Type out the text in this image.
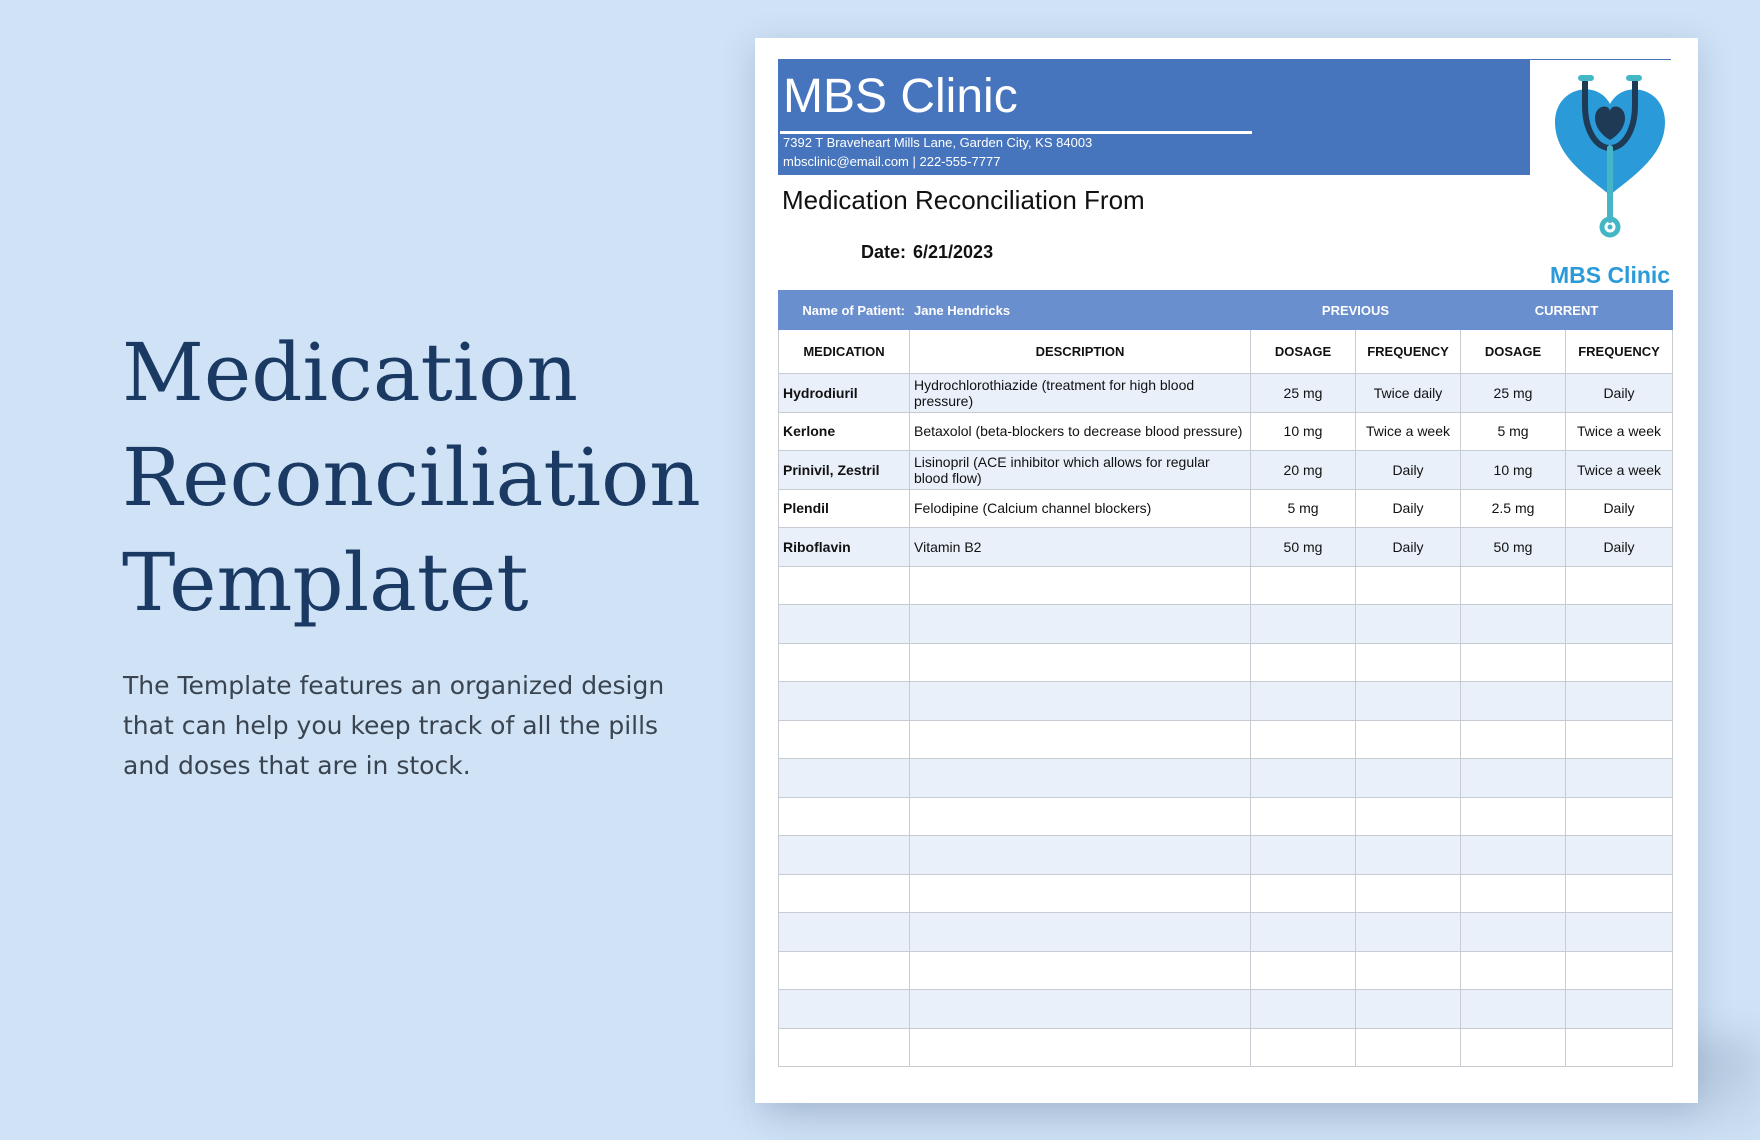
Medication
Reconciliation
Templatet

The Template features an organized design that can help you keep track of all the pills and doses that are in stock.

MBS Clinic
7392 T Braveheart Mills Lane, Garden City, KS 84003
mbsclinic@email.com | 222-555-7777
MBS Clinic
Medication Reconciliation From
Date: 6/21/2023
Name of Patient:	Jane Hendricks	PREVIOUS		CURRENT	
MEDICATION	DESCRIPTION	DOSAGE	FREQUENCY	DOSAGE	FREQUENCY
Hydrodiuril	Hydrochlorothiazide (treatment for high blood pressure)	25 mg	Twice daily	25 mg	Daily
Kerlone	Betaxolol (beta-blockers to decrease blood pressure)	10 mg	Twice a week	5 mg	Twice a week
Prinivil, Zestril	Lisinopril (ACE inhibitor which allows for regular blood flow)	20 mg	Daily	10 mg	Twice a week
Plendil	Felodipine (Calcium channel blockers)	5 mg	Daily	2.5 mg	Daily
Riboflavin	Vitamin B2	50 mg	Daily	50 mg	Daily
